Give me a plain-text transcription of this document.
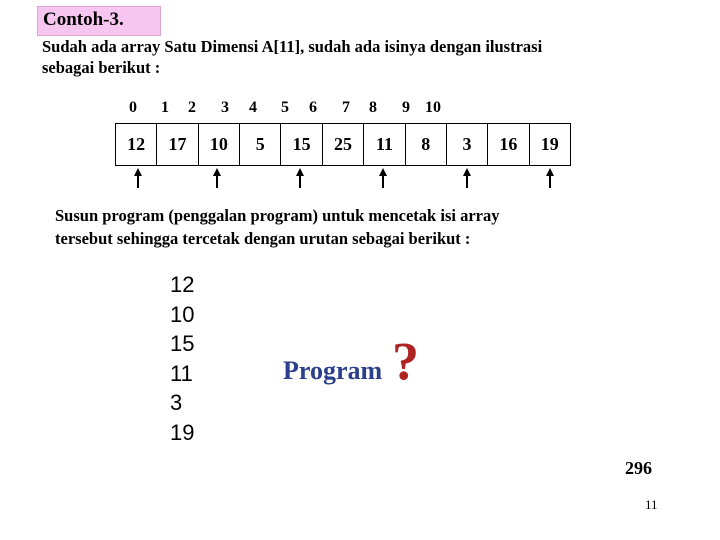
Contoh-3.
Sudah ada array Satu Dimensi A[11], sudah ada isinya dengan ilustrasi
sebagai berikut :
0	1	2	3	4	5	6	7	8	9 10
12	17	10	5	15	25	11	8	3	16	19
Susun program (penggalan program) untuk mencetak isi array
tersebut sehingga tercetak dengan urutan sebagai berikut :
12
10
15
11
3
19
Program ?
296
11
